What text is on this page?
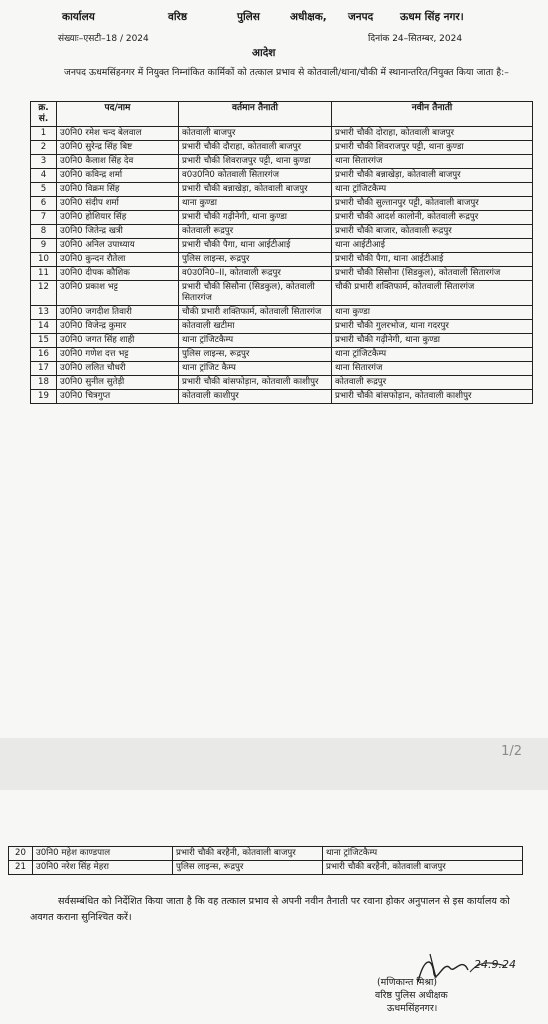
कार्यालय	वरिष्ठ	पुलिस	अधीक्षक, जनपद	ऊधम सिंह नगर।
संख्याः–एसटी–18 / 2024	दिनांक 24–सितम्बर, 2024
आदेश
जनपद ऊधमसिंहनगर में नियुक्त निम्नांकित कार्मिकों को तत्काल प्रभाव से कोतवाली/थाना/चौकी में स्थानान्तरित/नियुक्त किया जाता है:–
क्र. सं.	पद/नाम	वर्तमान तैनाती	नवीन तैनाती
1	उ0नि0 रमेश चन्द बेलवाल	कोतवाली बाजपुर	प्रभारी चौकी दोराहा, कोतवाली बाजपुर
2	उ0नि0 सुरेन्द्र सिंह बिष्ट	प्रभारी चौकी दौराहा, कोतवाली बाजपुर	प्रभारी चौकी शिवराजपुर पट्टी, थाना कुण्डा
3	उ0नि0 कैलाश सिंह देव	प्रभारी चौकी शिवराजपुर पट्टी, थाना कुण्डा	थाना सितारगंज
4	उ0नि0 कविन्द्र शर्मा	व0उ0नि0 कोतवाली सितारगंज	प्रभारी चौकी बन्नाखेड़ा, कोतवाली बाजपुर
5	उ0नि0 विक्रम सिंह	प्रभारी चौकी बन्नाखेड़ा, कोतवाली बाजपुर	थाना ट्रांजिटकैम्प
6	उ0नि0 संदीप शर्मा	थाना कुण्डा	प्रभारी चौकी सुल्तानपुर पट्टी, कोतवाली बाजपुर
7	उ0नि0 होशियार सिंह	प्रभारी चौकी गढ़ीनेगी, थाना कुण्डा	प्रभारी चौकी आदर्श कालोनी, कोतवाली रूद्रपुर
8	उ0नि0 जितेन्द्र खत्री	कोतवाली रूद्रपुर	प्रभारी चौकी बाजार, कोतवाली रूद्रपुर
9	उ0नि0 अनिल उपाध्याय	प्रभारी चौकी पैगा, थाना आईटीआई	थाना आईटीआई
10	उ0नि0 कुन्दन रौतेला	पुलिस लाइन्स, रूद्रपुर	प्रभारी चौकी पैगा, थाना आईटीआई
11	उ0नि0 दीपक कौशिक	व0उ0नि0–II, कोतवाली रूद्रपुर	प्रभारी चौकी सिसौना (सिडकुल), कोतवाली सितारगंज
12	उ0नि0 प्रकाश भट्ट	प्रभारी चौकी सिसौना (सिडकुल), कोतवाली सितारगंज	चौकी प्रभारी शक्तिफार्म, कोतवाली सितारगंज
13	उ0नि0 जगदीश तिवारी	चौकी प्रभारी शक्तिफार्म, कोतवाली सितारगंज	थाना कुण्डा
14	उ0नि0 विजेन्द्र कुमार	कोतवाली खटीमा	प्रभारी चौकी गुलरभोज, थाना गदरपुर
15	उ0नि0 जगत सिंह शाही	थाना ट्रांजिटकैम्प	प्रभारी चौकी गढ़ीनेगी, थाना कुण्डा
16	उ0नि0 गणेश दत्त भट्ट	पुलिस लाइन्स, रूद्रपुर	थाना ट्रांजिटकैम्प
17	उ0नि0 ललित चौधरी	थाना ट्रांजिट कैम्प	थाना सितारगंज
18	उ0नि0 सुनील सुतेड़ी	प्रभारी चौकी बांसफोड़ान, कोतवाली काशीपुर	कोतवाली रूद्रपुर
19	उ0नि0 चित्रगुप्त	कोतवाली काशीपुर	प्रभारी चौकी बांसफोड़ान, कोतवाली काशीपुर
1/2
20	उ0नि0 महेश काण्डपाल	प्रभारी चौकी बरहैनी, कोतवाली बाजपुर	थाना ट्रांजिटकैम्प
21	उ0नि0 नरेश सिंह मेहरा	पुलिस लाइन्स, रूद्रपुर	प्रभारी चौकी बरहैनी, कोतवाली बाजपुर
सर्वसम्बंधित को निर्देशित किया जाता है कि वह तत्काल प्रभाव से अपनी नवीन तैनाती पर रवाना होकर अनुपालन से इस कार्यालय को अवगत कराना सुनिश्चित करें।
24.9.24
(मणिकान्त मिश्रा)
वरिष्ठ पुलिस अधीक्षक
ऊधमसिंहनगर।
